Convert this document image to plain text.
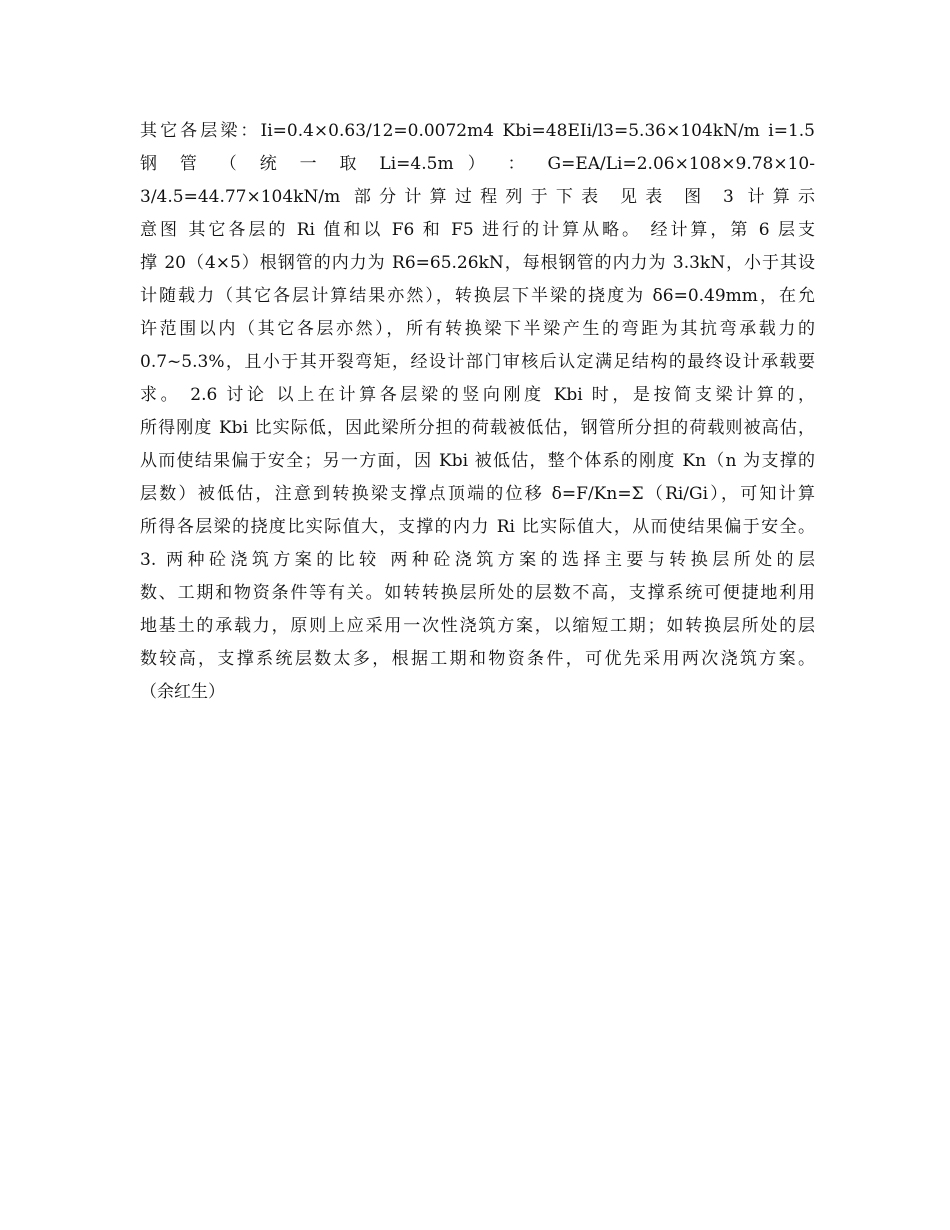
其它各层梁：Ii=0.4×0.63/12=0.0072m4 Kbi=48EIi/l3=5.36×104kN/m i=1.5
钢 管 （ 统 一 取 Li=4.5m ） ： G=EA/Li=2.06×108×9.78×10-
3/4.5=44.77×104kN/m 部分计算过程列于下表 见表 图 3 计算示
意图 其它各层的 Ri 值和以 F6 和 F5 进行的计算从略。 经计算，第 6 层支
撑 20（4×5）根钢管的内力为 R6=65.26kN，每根钢管的内力为 3.3kN，小于其设
计随载力（其它各层计算结果亦然），转换层下半梁的挠度为 δ6=0.49mm，在允
许范围以内（其它各层亦然），所有转换梁下半梁产生的弯距为其抗弯承载力的
0.7~5.3%，且小于其开裂弯矩，经设计部门审核后认定满足结构的最终设计承载要
求。 2.6 讨论 以上在计算各层梁的竖向刚度 Kbi 时，是按简支梁计算的，
所得刚度 Kbi 比实际低，因此梁所分担的荷载被低估，钢管所分担的荷载则被高估，
从而使结果偏于安全；另一方面，因 Kbi 被低估，整个体系的刚度 Kn（n 为支撑的
层数）被低估，注意到转换梁支撑点顶端的位移 δ=F/Kn=Σ（Ri/Gi），可知计算
所得各层梁的挠度比实际值大，支撑的内力 Ri 比实际值大，从而使结果偏于安全。
3. 两种砼浇筑方案的比较 两种砼浇筑方案的选择主要与转换层所处的层
数、工期和物资条件等有关。如转转换层所处的层数不高，支撑系统可便捷地利用
地基土的承载力，原则上应采用一次性浇筑方案，以缩短工期；如转换层所处的层
数较高，支撑系统层数太多，根据工期和物资条件，可优先采用两次浇筑方案。
（余红生）
